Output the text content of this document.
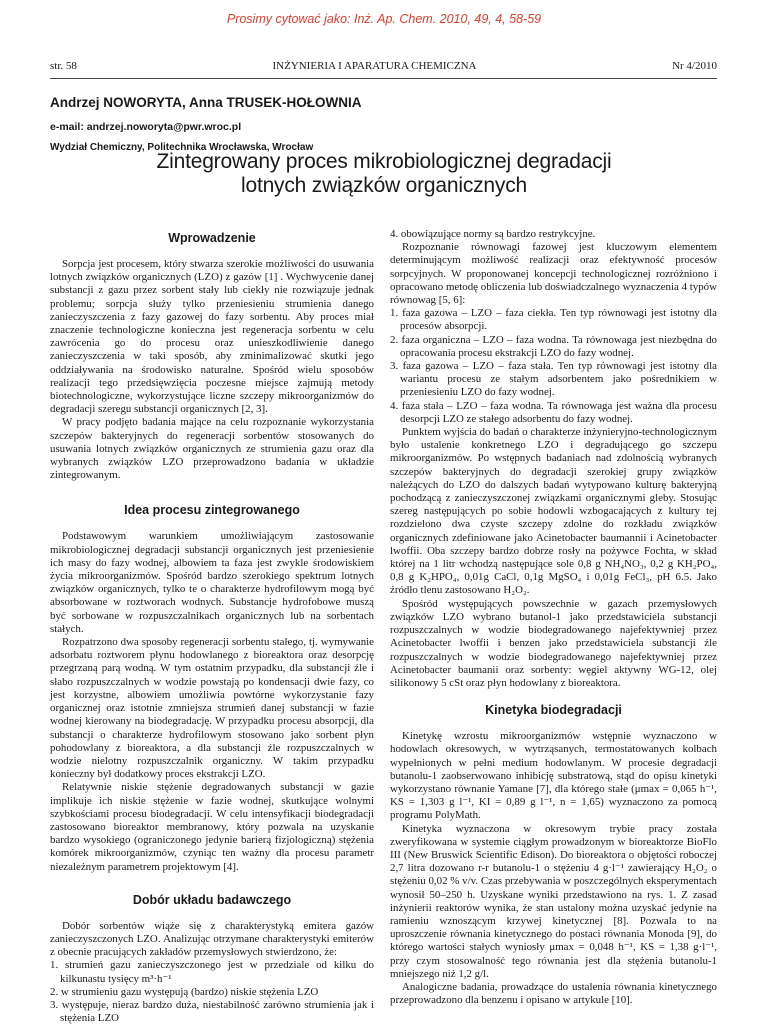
Prosimy cytować jako: Inż. Ap. Chem. 2010, 49, 4, 58-59
str. 58	INŻYNIERIA I APARATURA CHEMICZNA	Nr 4/2010
Andrzej NOWORYTA, Anna TRUSEK-HOŁOWNIA
e-mail: andrzej.noworyta@pwr.wroc.pl
Wydział Chemiczny, Politechnika Wrocławska, Wrocław
Zintegrowany proces mikrobiologicznej degradacji
lotnych związków organicznych
Wprowadzenie

Sorpcja jest procesem, który stwarza szerokie możliwości do usuwania lotnych związków organicznych (LZO) z gazów [1] . Wychwycenie danej substancji z gazu przez sorbent stały lub ciekły nie rozwiązuje jednak problemu; sorpcja służy tylko przeniesieniu strumienia danego zanieczyszczenia z fazy gazowej do fazy sorbentu. Aby proces miał znaczenie technologiczne konieczna jest regeneracja sorbentu w celu zawrócenia go do procesu oraz unieszkodliwienie danego zanieczyszczenia w taki sposób, aby zminimalizować skutki jego oddziaływania na środowisko naturalne. Spośród wielu sposobów realizacji tego przedsięwzięcia poczesne miejsce zajmują metody biotechnologiczne, wykorzystujące liczne szczepy mikroorganizmów do degradacji szeregu substancji organicznych [2, 3].

W pracy podjęto badania mające na celu rozpoznanie wykorzystania szczepów bakteryjnych do regeneracji sorbentów stosowanych do usuwania lotnych związków organicznych ze strumienia gazu oraz dla wybranych związków LZO przeprowadzono badania w układzie zintegrowanym.

Idea procesu zintegrowanego

Podstawowym warunkiem umożliwiającym zastosowanie mikrobiologicznej degradacji substancji organicznych jest przeniesienie ich masy do fazy wodnej, albowiem ta faza jest zwykle środowiskiem życia mikroorganizmów. Spośród bardzo szerokiego spektrum lotnych związków organicznych, tylko te o charakterze hydrofilowym mogą być absorbowane w roztworach wodnych. Substancje hydrofobowe muszą być sorbowane w rozpuszczalnikach organicznych lub na sorbentach stałych.

Rozpatrzono dwa sposoby regeneracji sorbentu stałego, tj. wymywanie adsorbatu roztworem płynu hodowlanego z bioreaktora oraz desorpcję przegrzaną parą wodną. W tym ostatnim przypadku, dla substancji źle i słabo rozpuszczalnych w wodzie powstają po kondensacji dwie fazy, co jest korzystne, albowiem umożliwia powtórne wykorzystanie fazy organicznej oraz istotnie zmniejsza strumień danej substancji w fazie wodnej kierowany na biodegradację. W przypadku procesu absorpcji, dla substancji o charakterze hydrofilowym stosowano jako sorbent płyn pohodowlany z bioreaktora, a dla substancji źle rozpuszczalnych w wodzie nielotny rozpuszczalnik organiczny. W takim przypadku konieczny był dodatkowy proces ekstrakcji LZO.

Relatywnie niskie stężenie degradowanych substancji w gazie implikuje ich niskie stężenie w fazie wodnej, skutkujące wolnymi szybkościami procesu biodegradacji. W celu intensyfikacji biodegradacji zastosowano bioreaktor membranowy, który pozwala na uzyskanie bardzo wysokiego (ograniczonego jedynie barierą fizjologiczną) stężenia komórek mikroorganizmów, czyniąc ten ważny dla procesu parametr niezależnym parametrem projektowym [4].

Dobór układu badawczego

Dobór sorbentów wiąże się z charakterystyką emitera gazów zanieczyszczonych LZO. Analizując otrzymane charakterystyki emiterów z obecnie pracujących zakładów przemysłowych stwierdzono, że:

1. strumień gazu zanieczyszczonego jest w przedziale od kilku do kilkunastu tysięcy m³·h⁻¹
2. w strumieniu gazu występują (bardzo) niskie stężenia LZO
3. występuje, nieraz bardzo duża, niestabilność zarówno strumienia jak i stężenia LZO
4. obowiązujące normy są bardzo restrykcyjne.

Rozpoznanie równowagi fazowej jest kluczowym elementem determinującym możliwość realizacji oraz efektywność procesów sorpcyjnych. W proponowanej koncepcji technologicznej rozróżniono i opracowano metodę obliczenia lub doświadczalnego wyznaczenia 4 typów równowag [5, 6]:

1. faza gazowa – LZO – faza ciekła. Ten typ równowagi jest istotny dla procesów absorpcji.
2. faza organiczna – LZO – faza wodna. Ta równowaga jest niezbędna do opracowania procesu ekstrakcji LZO do fazy wodnej.
3. faza gazowa – LZO – faza stała. Ten typ równowagi jest istotny dla wariantu procesu ze stałym adsorbentem jako pośrednikiem w przeniesieniu LZO do fazy wodnej.
4. faza stała – LZO – faza wodna. Ta równowaga jest ważna dla procesu desorpcji LZO ze stałego adsorbentu do fazy wodnej.

Punktem wyjścia do badań o charakterze inżynieryjno-technologicznym było ustalenie konkretnego LZO i degradującego go szczepu mikroorganizmów. Po wstępnych badaniach nad zdolnością wybranych szczepów bakteryjnych do degradacji szerokiej grupy związków należących do LZO do dalszych badań wytypowano kulturę bakteryjną pochodzącą z zanieczyszczonej związkami organicznymi gleby. Stosując szereg następujących po sobie hodowli wzbogacających z kultury tej rozdzielono dwa czyste szczepy zdolne do rozkładu związków organicznych zdefiniowane jako Acinetobacter baumannii i Acinetobacter lwoffii. Oba szczepy bardzo dobrze rosły na pożywce Fochta, w skład której na 1 litr wchodzą następujące sole 0,8 g NH₄NO₃, 0,2 g KH₂PO₄, 0,8 g K₂HPO₄, 0,01g CaCl, 0,1g MgSO₄ i 0,01g FeCl₃, pH 6.5. Jako źródło tlenu zastosowano H₂O₂.

Spośród występujących powszechnie w gazach przemysłowych związków LZO wybrano butanol-1 jako przedstawiciela substancji rozpuszczalnych w wodzie biodegradowanego najefektywniej przez Acinetobacter lwoffii i benzen jako przedstawiciela substancji źle rozpuszczalnych w wodzie biodegradowanego najefektywniej przez Acinetobacter baumanii oraz sorbenty: węgiel aktywny WG-12, olej silikonowy 5 cSt oraz płyn hodowlany z bioreaktora.

Kinetyka biodegradacji

Kinetykę wzrostu mikroorganizmów wstępnie wyznaczono w hodowlach okresowych, w wytrząsanych, termostatowanych kolbach wypełnionych w pełni medium hodowlanym. W procesie degradacji butanolu-1 zaobserwowano inhibicję substratową, stąd do opisu kinetyki wykorzystano równanie Yamane [7], dla którego stałe (μmax = 0,065 h⁻¹, KS = 1,303 g l⁻¹, KI = 0,89 g l⁻¹, n = 1,65) wyznaczono za pomocą programu PolyMath.

Kinetyka wyznaczona w okresowym trybie pracy została zweryfikowana w systemie ciągłym prowadzonym w bioreaktorze BioFlo III (New Bruswick Scientific Edison). Do bioreaktora o objętości roboczej 2,7 litra dozowano r-r butanolu-1 o stężeniu 4 g·l⁻¹ zawierający H₂O₂ o stężeniu 0,02 % v/v. Czas przebywania w poszczególnych eksperymentach wynosił 50–250 h. Uzyskane wyniki przedstawiono na rys. 1. Z zasad inżynierii reaktorów wynika, że stan ustalony można uzyskać jedynie na ramieniu wznoszącym krzywej kinetycznej [8]. Pozwala to na uproszczenie równania kinetycznego do postaci równania Monoda [9], do którego wartości stałych wyniosły μmax = 0,048 h⁻¹, KS = 1,38 g·l⁻¹, przy czym stosowalność tego równania jest dla stężenia butanolu-1 mniejszego niż 1,2 g/l.

Analogiczne badania, prowadzące do ustalenia równania kinetycznego przeprowadzono dla benzenu i opisano w artykule [10].
